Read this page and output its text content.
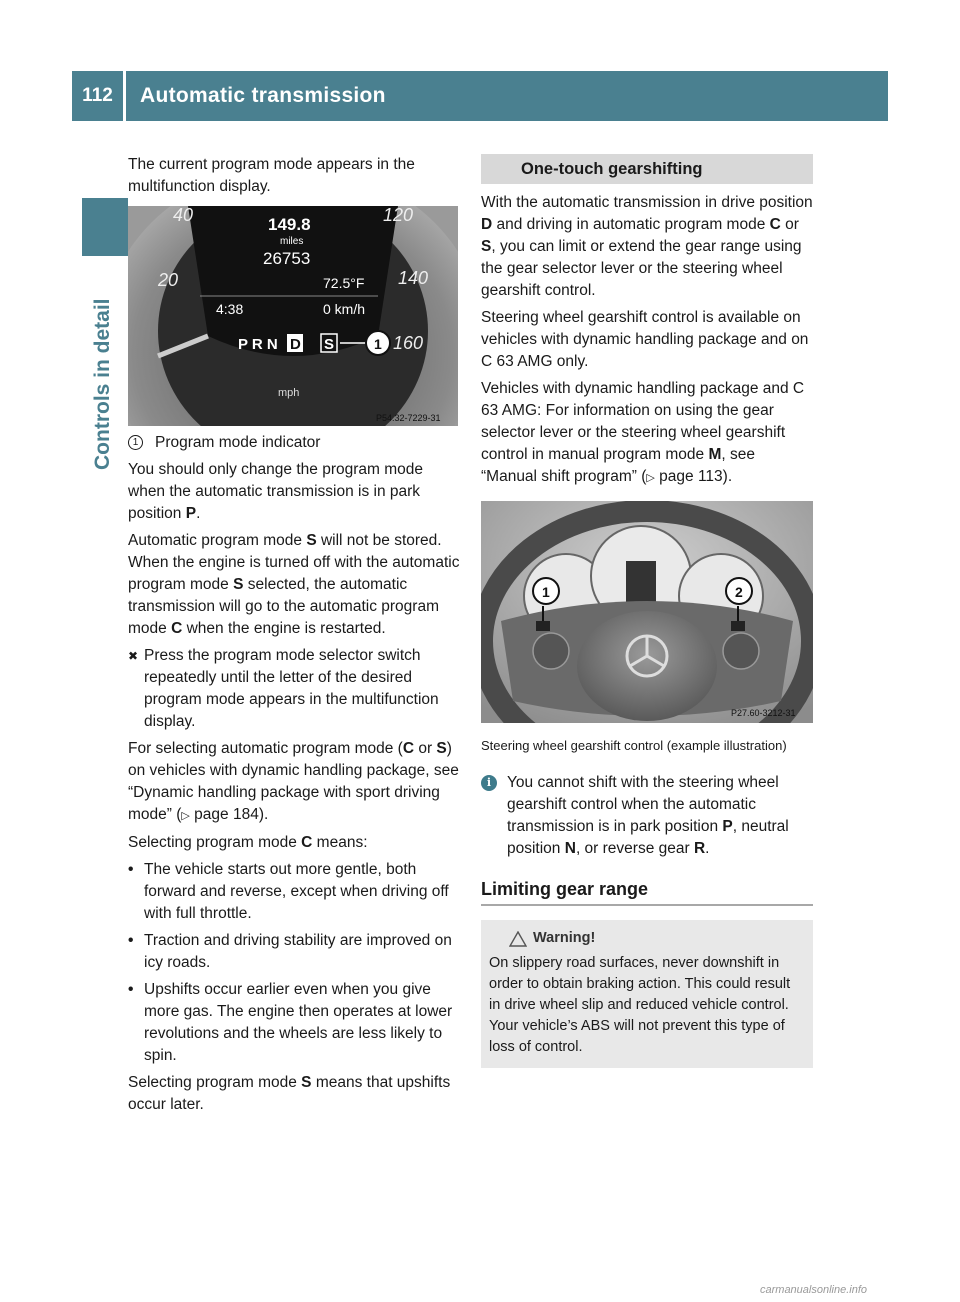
112	Automatic transmission
Controls in detail

The current program mode appears in the multifunction display.

40	120
20	140
160
mph
149.8
miles
26753
72.5°F
4:38	0 km/h
P R N D S	1
P54.32-7229-31
1	Program mode indicator

You should only change the program mode when the automatic transmission is in park position P.

Automatic program mode S will not be stored. When the engine is turned off with the automatic program mode S selected, the automatic transmission will go to the automatic program mode C when the engine is restarted.

✖ Press the program mode selector switch repeatedly until the letter of the desired program mode appears in the multifunction display.

For selecting automatic program mode (C or S) on vehicles with dynamic handling package, see “Dynamic handling package with sport driving mode” (▷ page 184).

Selecting program mode C means:

• The vehicle starts out more gentle, both forward and reverse, except when driving off with full throttle.
• Traction and driving stability are improved on icy roads.
• Upshifts occur earlier even when you give more gas. The engine then operates at lower revolutions and the wheels are less likely to spin.

Selecting program mode S means that upshifts occur later.

One-touch gearshifting

With the automatic transmission in drive position D and driving in automatic program mode C or S, you can limit or extend the gear range using the gear selector lever or the steering wheel gearshift control.

Steering wheel gearshift control is available on vehicles with dynamic handling package and on C 63 AMG only.

Vehicles with dynamic handling package and C 63 AMG: For information on using the gear selector lever or the steering wheel gearshift control in manual program mode M, see “Manual shift program” (▷ page 113).

1	2
P27.60-3212-31

Steering wheel gearshift control (example illustration)

i	You cannot shift with the steering wheel gearshift control when the automatic transmission is in park position P, neutral position N, or reverse gear R.
Limiting gear range
Warning!
On slippery road surfaces, never downshift in order to obtain braking action. This could result in drive wheel slip and reduced vehicle control. Your vehicle’s ABS will not prevent this type of loss of control.
carmanualsonline.info
